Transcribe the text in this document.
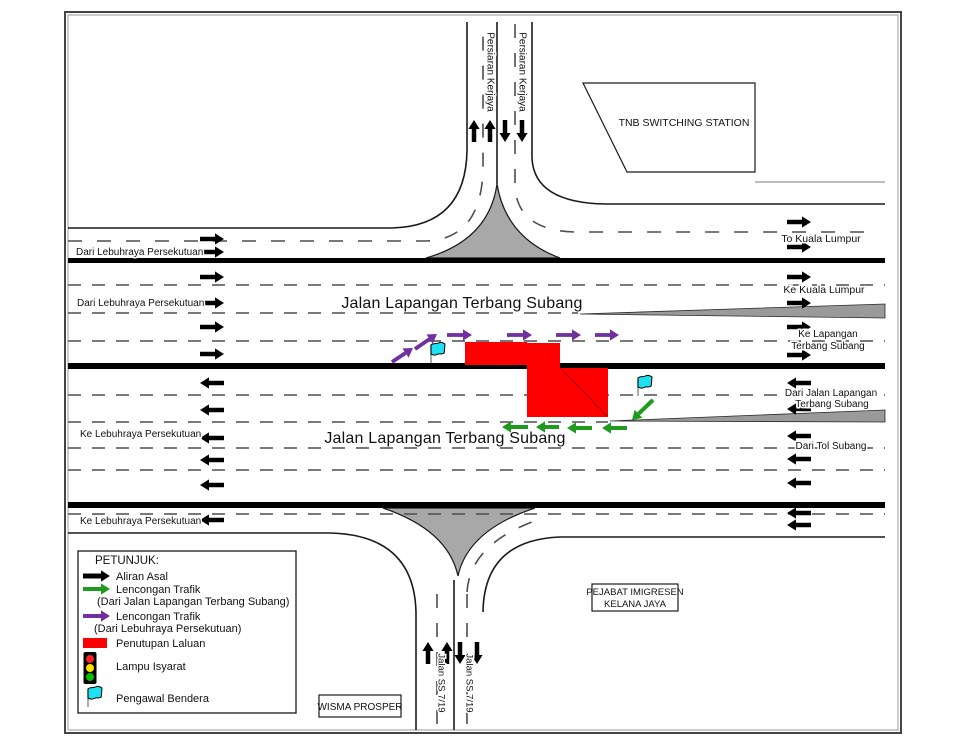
Jalan Lapangan Terbang Subang
Jalan Lapangan Terbang Subang
Persiaran Kerjaya Persiaran Kerjaya
Jalan SS 7/19 Jalan SS 7/19
Dari Lebuhraya Persekutuan
Dari Lebuhraya Persekutuan
Ke Lebuhraya Persekutuan
Ke Lebuhraya Persekutuan
To Kuala Lumpur
Ke Kuala Lumpur
Ke Lapangan
Terbang Subang
Dari Jalan Lapangan
Terbang Subang
Dari Tol Subang
TNB SWITCHING STATION
PEJABAT IMIGRESEN
KELANA JAYA
WISMA PROSPER
PETUNJUK:
Aliran Asal
Lencongan Trafik
(Dari Jalan Lapangan Terbang Subang)
Lencongan Trafik
(Dari Lebuhraya Persekutuan)
Penutupan Laluan
Lampu Isyarat
Pengawal Bendera
